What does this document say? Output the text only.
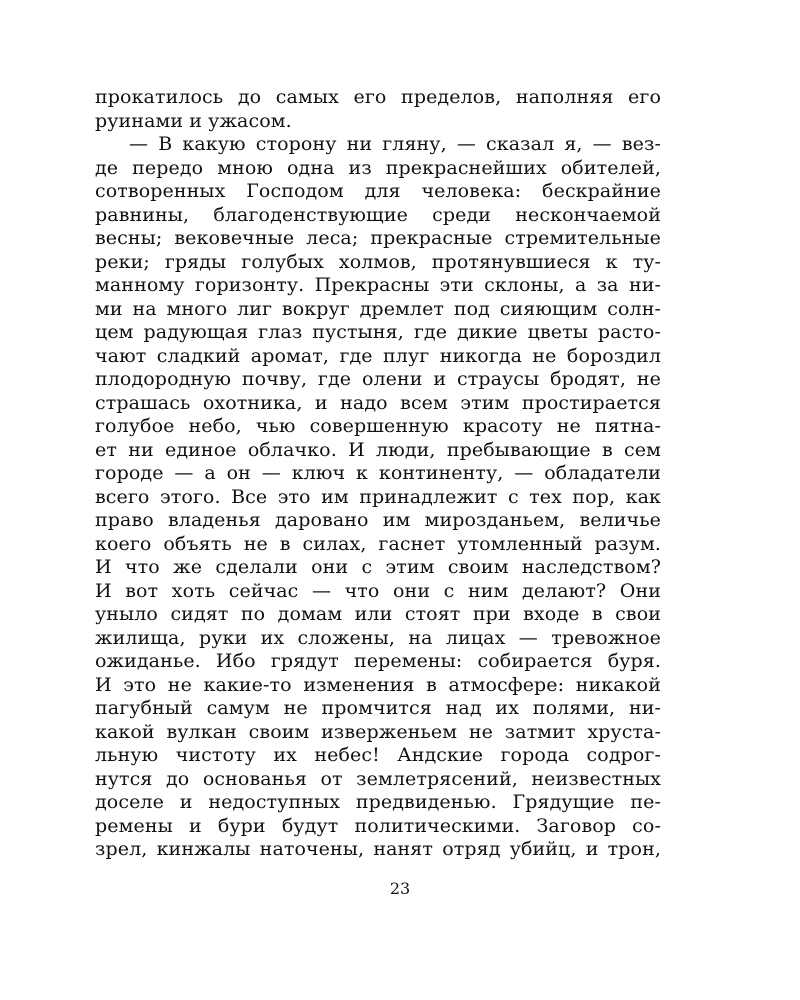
прокатилось до самых его пределов, наполняя его
руинами и ужасом.
— В какую сторону ни гляну, — сказал я, — вез-
де передо мною одна из прекраснейших обителей,
сотворенных Господом для человека: бескрайние
равнины, благоденствующие среди нескончаемой
весны; вековечные леса; прекрасные стремительные
реки; гряды голубых холмов, протянувшиеся к ту-
манному горизонту. Прекрасны эти склоны, а за ни-
ми на много лиг вокруг дремлет под сияющим солн-
цем радующая глаз пустыня, где дикие цветы расто-
чают сладкий аромат, где плуг никогда не бороздил
плодородную почву, где олени и страусы бродят, не
страшась охотника, и надо всем этим простирается
голубое небо, чью совершенную красоту не пятна-
ет ни единое облачко. И люди, пребывающие в сем
городе — а он — ключ к континенту, — обладатели
всего этого. Все это им принадлежит с тех пор, как
право владенья даровано им мирозданьем, величье
коего объять не в силах, гаснет утомленный разум.
И что же сделали они с этим своим наследством?
И вот хоть сейчас — что они с ним делают? Они
уныло сидят по домам или стоят при входе в свои
жилища, руки их сложены, на лицах — тревожное
ожиданье. Ибо грядут перемены: собирается буря.
И это не какие-то изменения в атмосфере: никакой
пагубный самум не промчится над их полями, ни-
какой вулкан своим изверженьем не затмит хруста-
льную чистоту их небес! Андские города содрог-
нутся до основанья от землетрясений, неизвестных
доселе и недоступных предвиденью. Грядущие пе-
ремены и бури будут политическими. Заговор со-
зрел, кинжалы наточены, нанят отряд убийц, и трон,
23
